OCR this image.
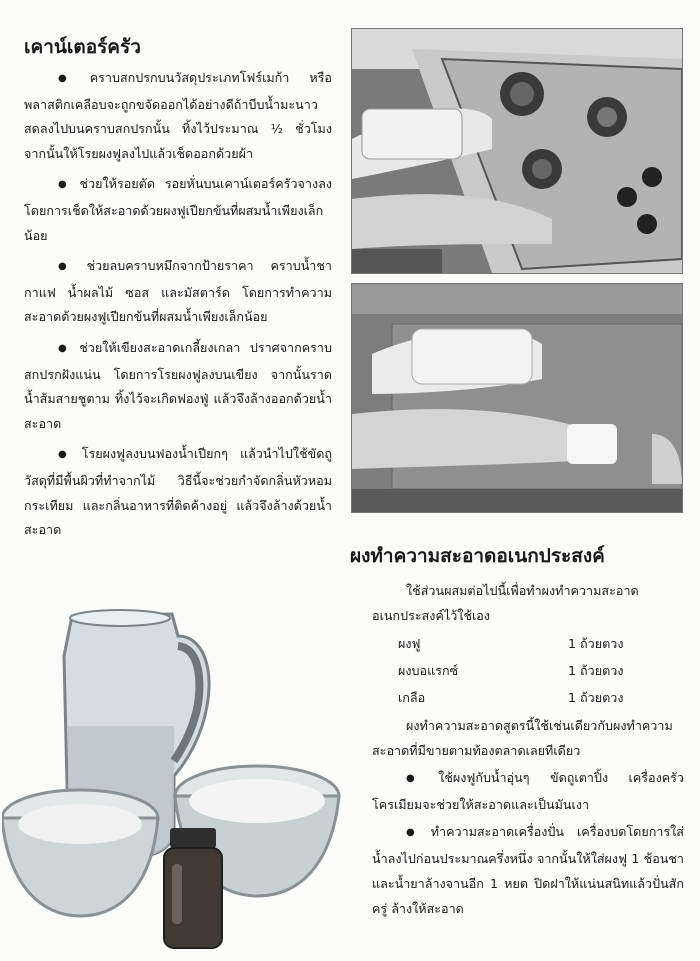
เคาน์เตอร์ครัว
● คราบสกปรกบนวัสดุประเภทโฟร์เมก้า หรือพลาสติกเคลือบจะถูกขจัดออกได้อย่างดีถ้าบีบน้ำมะนาวสดลงไปบนคราบสกปรกนั้น ทิ้งไว้ประมาณ ½ ชั่วโมง จากนั้นให้โรยผงฟูลงไปแล้วเช็ดออกด้วยผ้า
● ช่วยให้รอยตัด รอยหั่นบนเคาน์เตอร์ครัวจางลง โดยการเช็ดให้สะอาดด้วยผงฟูเปียกข้นที่ผสมน้ำเพียงเล็กน้อย
● ช่วยลบคราบหมึกจากป้ายราคา คราบน้ำชา กาแฟ น้ำผลไม้ ซอส และมัสตาร์ด โดยการทำความสะอาดด้วยผงฟูเปียกข้นที่ผสมน้ำเพียงเล็กน้อย
● ช่วยให้เขียงสะอาดเกลี้ยงเกลา ปราศจากคราบสกปรกฝังแน่น โดยการโรยผงฟูลงบนเขียง จากนั้นราดน้ำส้มสายชูตาม ทิ้งไว้จะเกิดฟองฟู่ แล้วจึงล้างออกด้วยน้ำสะอาด
● โรยผงฟูลงบนฟองน้ำเปียกๆ แล้วนำไปใช้ขัดถูวัสดุที่มีพื้นผิวที่ทำจากไม้ วิธีนี้จะช่วยกำจัดกลิ่นหัวหอม กระเทียม และกลิ่นอาหารที่ติดค้างอยู่ แล้วจึงล้างด้วยน้ำสะอาด
ผงทำความสะอาดอเนกประสงค์

ใช้ส่วนผสมต่อไปนี้เพื่อทำผงทำความสะอาดอเนกประสงค์ไว้ใช้เอง

ผงฟู	1 ถ้วยตวง
ผงบอแรกซ์	1 ถ้วยตวง
เกลือ	1 ถ้วยตวง

ผงทำความสะอาดสูตรนี้ใช้เช่นเดียวกับผงทำความสะอาดที่มีขายตามท้องตลาดเลยทีเดียว

● ใช้ผงฟูกับน้ำอุ่นๆ ขัดถูเตาปิ้ง เครื่องครัวโครเมียมจะช่วยให้สะอาดและเป็นมันเงา

● ทำความสะอาดเครื่องปั่น เครื่องบดโดยการใส่น้ำลงไปก่อนประมาณครึ่งหนึ่ง จากนั้นให้ใส่ผงฟู 1 ช้อนชา และน้ำยาล้างจานอีก 1 หยด ปิดฝาให้แน่นสนิทแล้วปั่นสักครู่ ล้างให้สะอาด
